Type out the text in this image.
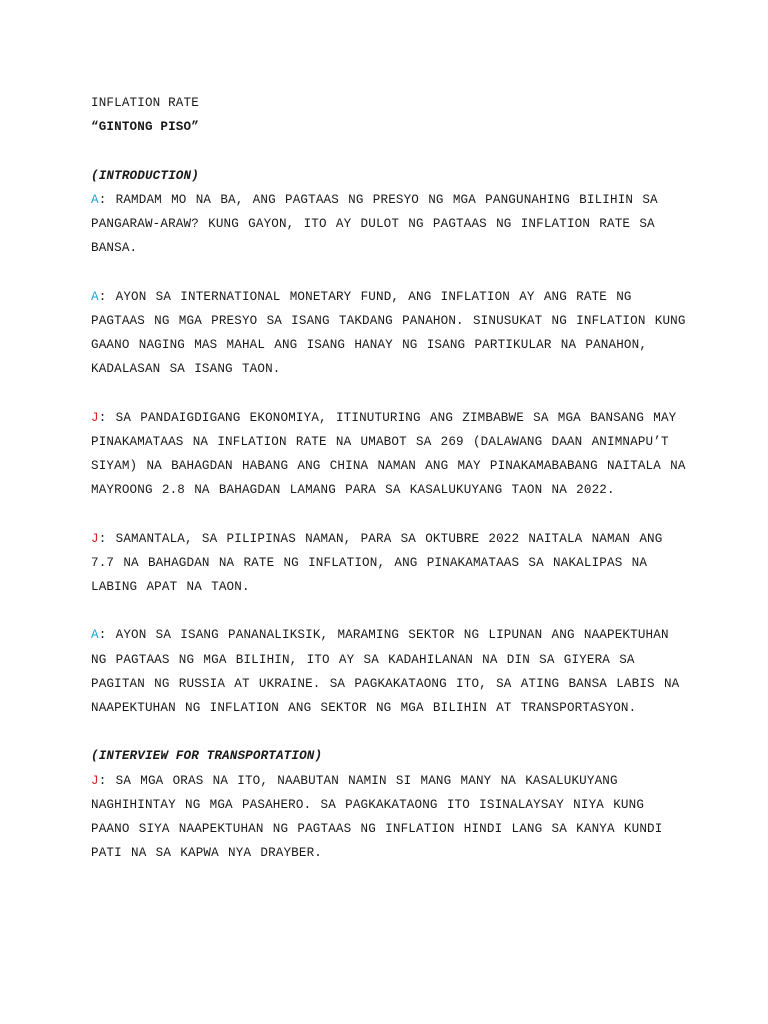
INFLATION RATE
“GINTONG PISO”
(INTRODUCTION)
A: RAMDAM MO NA BA, ANG PAGTAAS NG PRESYO NG MGA PANGUNAHING BILIHIN SA PANGARAW-ARAW? KUNG GAYON, ITO AY DULOT NG PAGTAAS NG INFLATION RATE SA BANSA.
A: AYON SA INTERNATIONAL MONETARY FUND, ANG INFLATION AY ANG RATE NG PAGTAAS NG MGA PRESYO SA ISANG TAKDANG PANAHON. SINUSUKAT NG INFLATION KUNG GAANO NAGING MAS MAHAL ANG ISANG HANAY NG ISANG PARTIKULAR NA PANAHON, KADALASAN SA ISANG TAON.
J: SA PANDAIGDIGANG EKONOMIYA, ITINUTURING ANG ZIMBABWE SA MGA BANSANG MAY PINAKAMATAAS NA INFLATION RATE NA UMABOT SA 269 (DALAWANG DAAN ANIMNAPU’T SIYAM) NA BAHAGDAN HABANG ANG CHINA NAMAN ANG MAY PINAKAMABABANG NAITALA NA MAYROONG 2.8 NA BAHAGDAN LAMANG PARA SA KASALUKUYANG TAON NA 2022.
J: SAMANTALA, SA PILIPINAS NAMAN, PARA SA OKTUBRE 2022 NAITALA NAMAN ANG 7.7 NA BAHAGDAN NA RATE NG INFLATION, ANG PINAKAMATAAS SA NAKALIPAS NA LABING APAT NA TAON.
A: AYON SA ISANG PANANALIKSIK, MARAMING SEKTOR NG LIPUNAN ANG NAAPEKTUHAN NG PAGTAAS NG MGA BILIHIN, ITO AY SA KADAHILANAN NA DIN SA GIYERA SA PAGITAN NG RUSSIA AT UKRAINE. SA PAGKAKATAONG ITO, SA ATING BANSA LABIS NA NAAPEKTUHAN NG INFLATION ANG SEKTOR NG MGA BILIHIN AT TRANSPORTASYON.
(INTERVIEW FOR TRANSPORTATION)
J: SA MGA ORAS NA ITO, NAABUTAN NAMIN SI MANG MANY NA KASALUKUYANG NAGHIHINTAY NG MGA PASAHERO. SA PAGKAKATAONG ITO ISINALAYSAY NIYA KUNG PAANO SIYA NAAPEKTUHAN NG PAGTAAS NG INFLATION HINDI LANG SA KANYA KUNDI PATI NA SA KAPWA NYA DRAYBER.
